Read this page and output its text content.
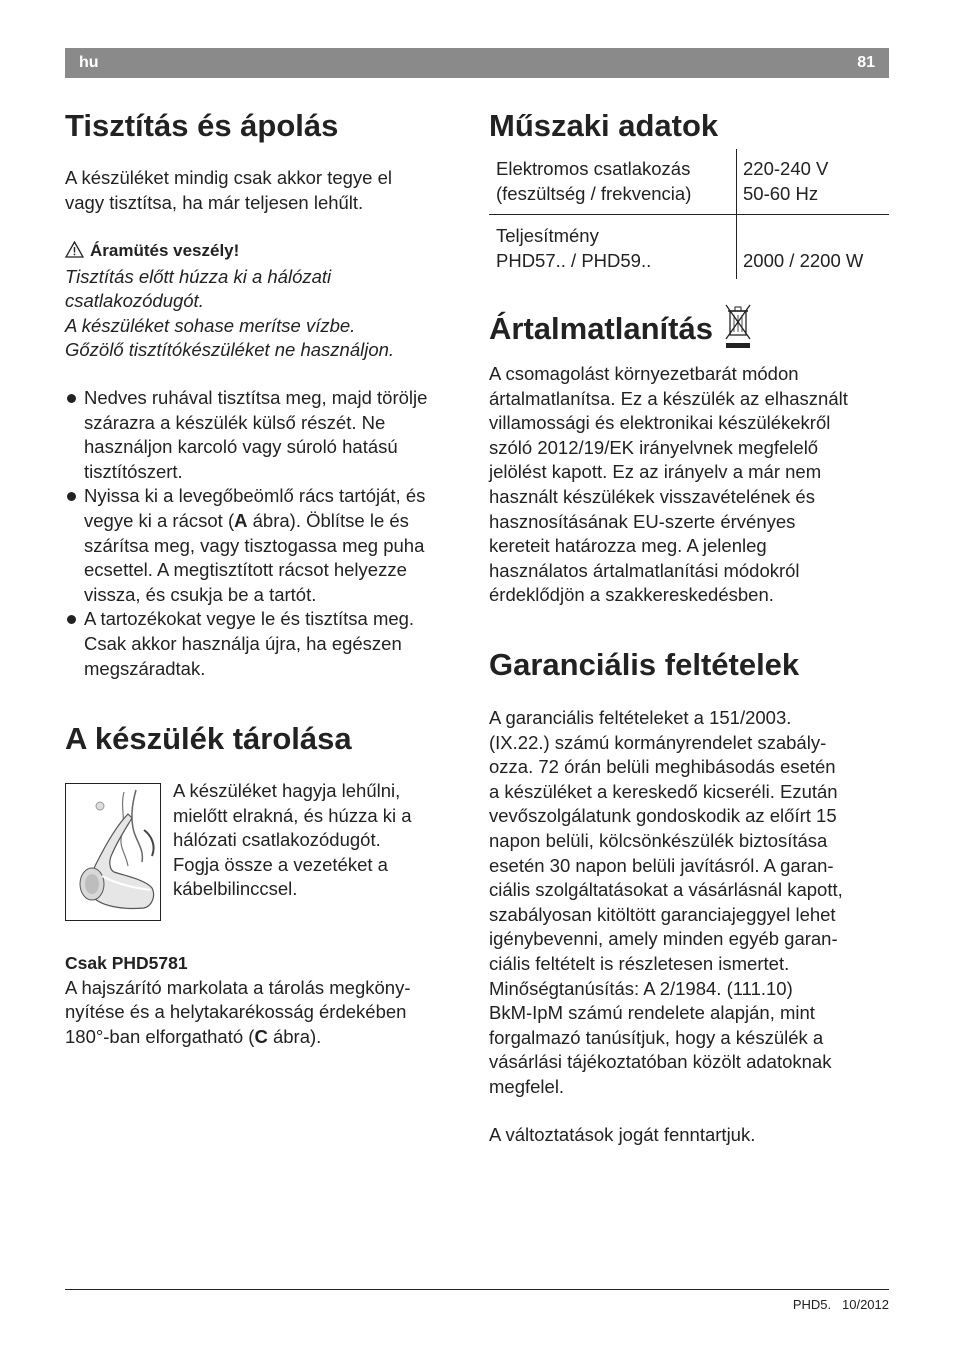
hu	81
Tisztítás és ápolás

A készüléket mindig csak akkor tegye el
vagy tisztítsa, ha már teljesen lehűlt.

Áramütés veszély!
Tisztítás előtt húzza ki a hálózati
csatlakozódugót.
A készüléket sohase merítse vízbe.
Gőzölő tisztítókészüléket ne használjon.
Nedves ruhával tisztítsa meg, majd törölje
szárazra a készülék külső részét. Ne
használjon karcoló vagy súroló hatású
tisztítószert.
Nyissa ki a levegőbeömlő rács tartóját, és
vegye ki a rácsot (A ábra). Öblítse le és
szárítsa meg, vagy tisztogassa meg puha
ecsettel. A megtisztított rácsot helyezze
vissza, és csukja be a tartót.
A tartozékokat vegye le és tisztítsa meg.
Csak akkor használja újra, ha egészen
megszáradtak.
A készülék tárolása

A készüléket hagyja lehűlni,
mielőtt elrakná, és húzza ki a
hálózati csatlakozódugót.
Fogja össze a vezetéket a
kábelbilinccsel.

Csak PHD5781
A hajszárító markolata a tárolás megköny-
nyítése és a helytakarékosság érdekében
180°-ban elforgatható (C ábra).

Műszaki adatok
Elektromos csatlakozás
(feszültség / frekvencia)	220-240 V
50-60 Hz
Teljesítmény
PHD57.. / PHD59..	2000 / 2200 W
Ártalmatlanítás

A csomagolást környezetbarát módon
ártalmatlanítsa. Ez a készülék az elhasznált
villamossági és elektronikai készülékekről
szóló 2012/19/EK irányelvnek megfelelő
jelölést kapott. Ez az irányelv a már nem
használt készülékek visszavételének és
hasznosításának EU-szerte érvényes
kereteit határozza meg. A jelenleg
használatos ártalmatlanítási módokról
érdeklődjön a szakkereskedésben.

Garanciális feltételek

A garanciális feltételeket a 151/2003.
(IX.22.) számú kormányrendelet szabály-
ozza. 72 órán belüli meghibásodás esetén
a készüléket a kereskedő kicseréli. Ezután
vevőszolgálatunk gondoskodik az előírt 15
napon belüli, kölcsönkészülék biztosítása
esetén 30 napon belüli javításról. A garan-
ciális szolgáltatásokat a vásárlásnál kapott,
szabályosan kitöltött garanciajeggyel lehet
igénybevenni, amely minden egyéb garan-
ciális feltételt is részletesen ismertet.
Minőségtanúsítás: A 2/1984. (111.10)
BkM-IpM számú rendelete alapján, mint
forgalmazó tanúsítjuk, hogy a készülék a
vásárlási tájékoztatóban közölt adatoknak
megfelel.

A változtatások jogát fenntartjuk.

PHD5. 10/2012
